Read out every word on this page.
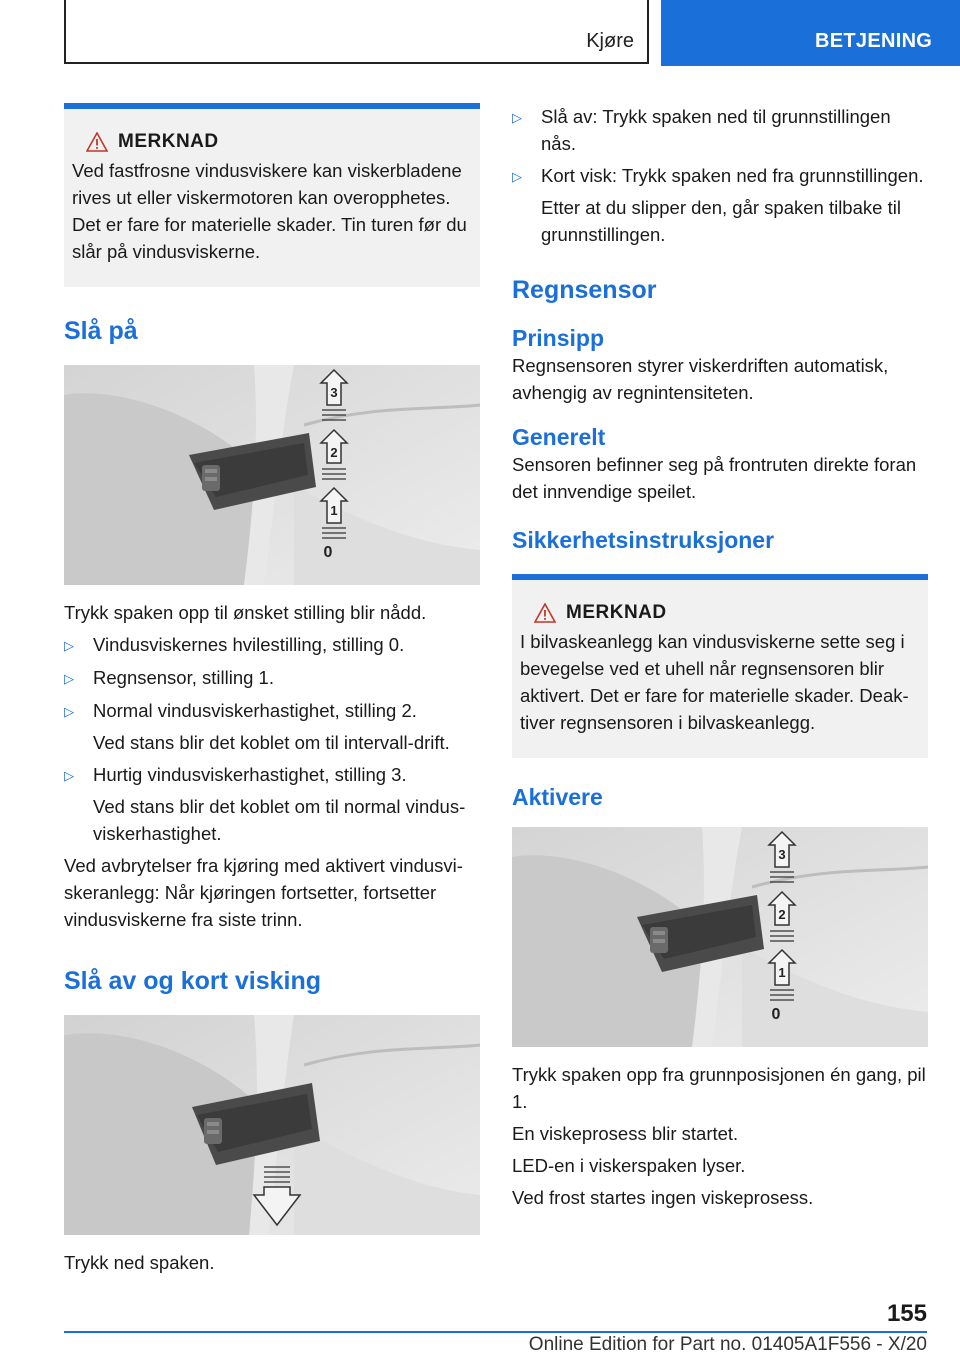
Kjøre	BETJENING
MERKNAD

Ved fastfrosne vindusviskere kan viskerbladene rives ut eller viskermotoren kan overopphetes. Det er fare for materielle skader. Tin turen før du slår på vindusviskerne.

Slå på
3
2
1
0

Trykk spaken opp til ønsket stilling blir nådd.

▷	Vindusviskernes hvilestilling, stilling 0.

▷	Regnsensor, stilling 1.

▷	Normal vindusviskerhastighet, stilling 2.

Ved stans blir det koblet om til intervall-drift.

▷	Hurtig vindusviskerhastighet, stilling 3.

Ved stans blir det koblet om til normal vindusviskerhastighet.

Ved avbrytelser fra kjøring med aktivert vindusviskeranlegg: Når kjøringen fortsetter, fortsetter vindusviskerne fra siste trinn.

Slå av og kort visking

Trykk ned spaken.

▷	Slå av: Trykk spaken ned til grunnstillingen nås.

▷	Kort visk: Trykk spaken ned fra grunnstillingen.

Etter at du slipper den, går spaken tilbake til grunnstillingen.

Regnsensor
Prinsipp

Regnsensoren styrer viskerdriften automatisk, avhengig av regnintensiteten.

Generelt

Sensoren befinner seg på frontruten direkte foran det innvendige speilet.

Sikkerhetsinstruksjoner
MERKNAD

I bilvaskeanlegg kan vindusviskerne sette seg i bevegelse ved et uhell når regnsensoren blir aktivert. Det er fare for materielle skader. Deaktiver regnsensoren i bilvaskeanlegg.

Aktivere
3
2
1
0

Trykk spaken opp fra grunnposisjonen én gang, pil 1.

En viskeprosess blir startet.

LED-en i viskerspaken lyser.

Ved frost startes ingen viskeprosess.

155
Online Edition for Part no. 01405A1F556 - X/20
